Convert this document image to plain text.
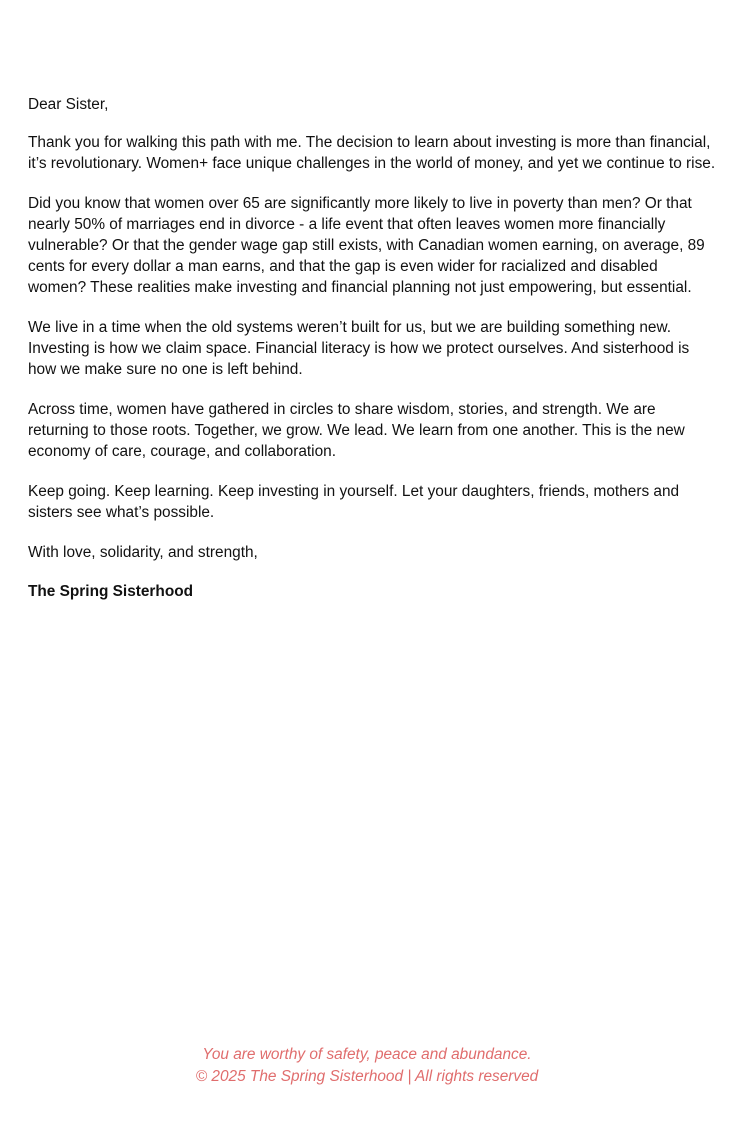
Dear Sister,

Thank you for walking this path with me. The decision to learn about investing is more than financial, it’s revolutionary. Women+ face unique challenges in the world of money, and yet we continue to rise.

Did you know that women over 65 are significantly more likely to live in poverty than men? Or that nearly 50% of marriages end in divorce - a life event that often leaves women more financially vulnerable? Or that the gender wage gap still exists, with Canadian women earning, on average, 89 cents for every dollar a man earns, and that the gap is even wider for racialized and disabled women? These realities make investing and financial planning not just empowering, but essential.

We live in a time when the old systems weren’t built for us, but we are building something new. Investing is how we claim space. Financial literacy is how we protect ourselves. And sisterhood is how we make sure no one is left behind.

Across time, women have gathered in circles to share wisdom, stories, and strength. We are returning to those roots. Together, we grow. We lead. We learn from one another. This is the new economy of care, courage, and collaboration.

Keep going. Keep learning. Keep investing in yourself. Let your daughters, friends, mothers and sisters see what’s possible.

With love, solidarity, and strength,

The Spring Sisterhood

You are worthy of safety, peace and abundance.
© 2025 The Spring Sisterhood | All rights reserved
